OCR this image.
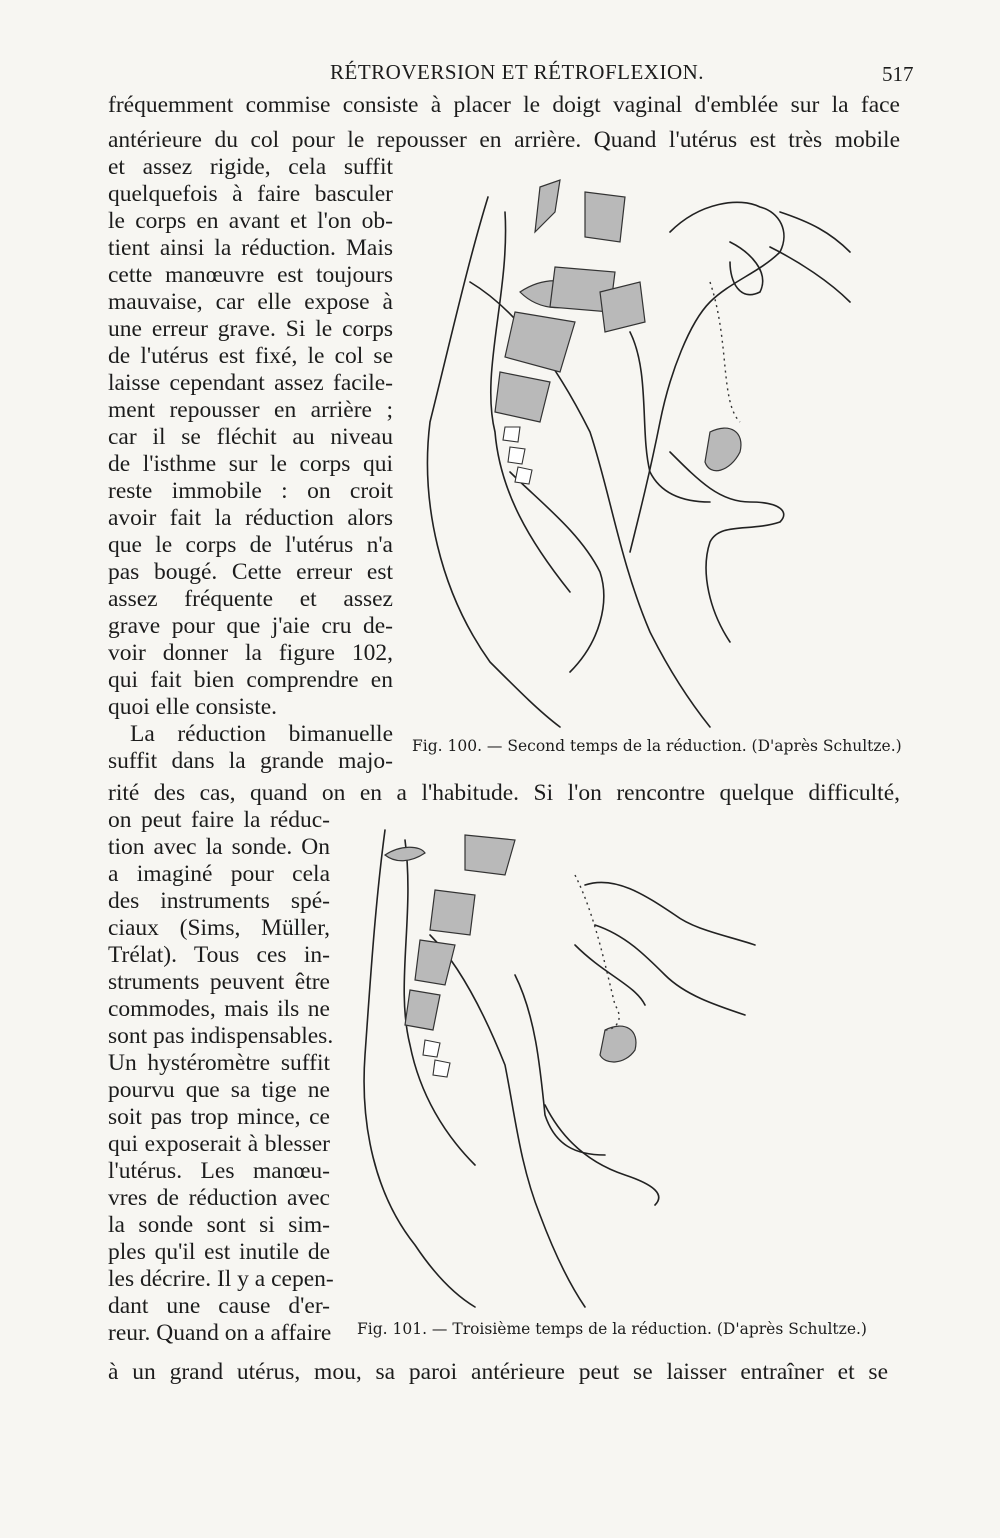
RÉTROVERSION ET RÉTROFLEXION.	517
fréquemment commise consiste à placer le doigt vaginal d'emblée sur la face
antérieure du col pour le repousser en arrière. Quand l'utérus est très mobile
et assez rigide, cela suffit
quelquefois à faire basculer
le corps en avant et l'on ob-
tient ainsi la réduction. Mais
cette manœuvre est toujours
mauvaise, car elle expose à
une erreur grave. Si le corps
de l'utérus est fixé, le col se
laisse cependant assez facile-
ment repousser en arrière ;
car il se fléchit au niveau
de l'isthme sur le corps qui
reste immobile : on croit
avoir fait la réduction alors
que le corps de l'utérus n'a
pas bougé. Cette erreur est
assez fréquente et assez
grave pour que j'aie cru de-
voir donner la figure 102,
qui fait bien comprendre en
quoi elle consiste.
La réduction bimanuelle
suffit dans la grande majo-
rité des cas, quand on en a l'habitude. Si l'on rencontre quelque difficulté,
on peut faire la réduc-
tion avec la sonde. On
a imaginé pour cela
des instruments spé-
ciaux (Sims, Müller,
Trélat). Tous ces in-
struments peuvent être
commodes, mais ils ne
sont pas indispensables.
Un hystéromètre suffit
pourvu que sa tige ne
soit pas trop mince, ce
qui exposerait à blesser
l'utérus. Les manœu-
vres de réduction avec
la sonde sont si sim-
ples qu'il est inutile de
les décrire. Il y a cepen-
dant une cause d'er-
reur. Quand on a affaire
à un grand utérus, mou, sa paroi antérieure peut se laisser entraîner et se
Fig. 100. — Second temps de la réduction. (D'après Schultze.)
Fig. 101. — Troisième temps de la réduction. (D'après Schultze.)
